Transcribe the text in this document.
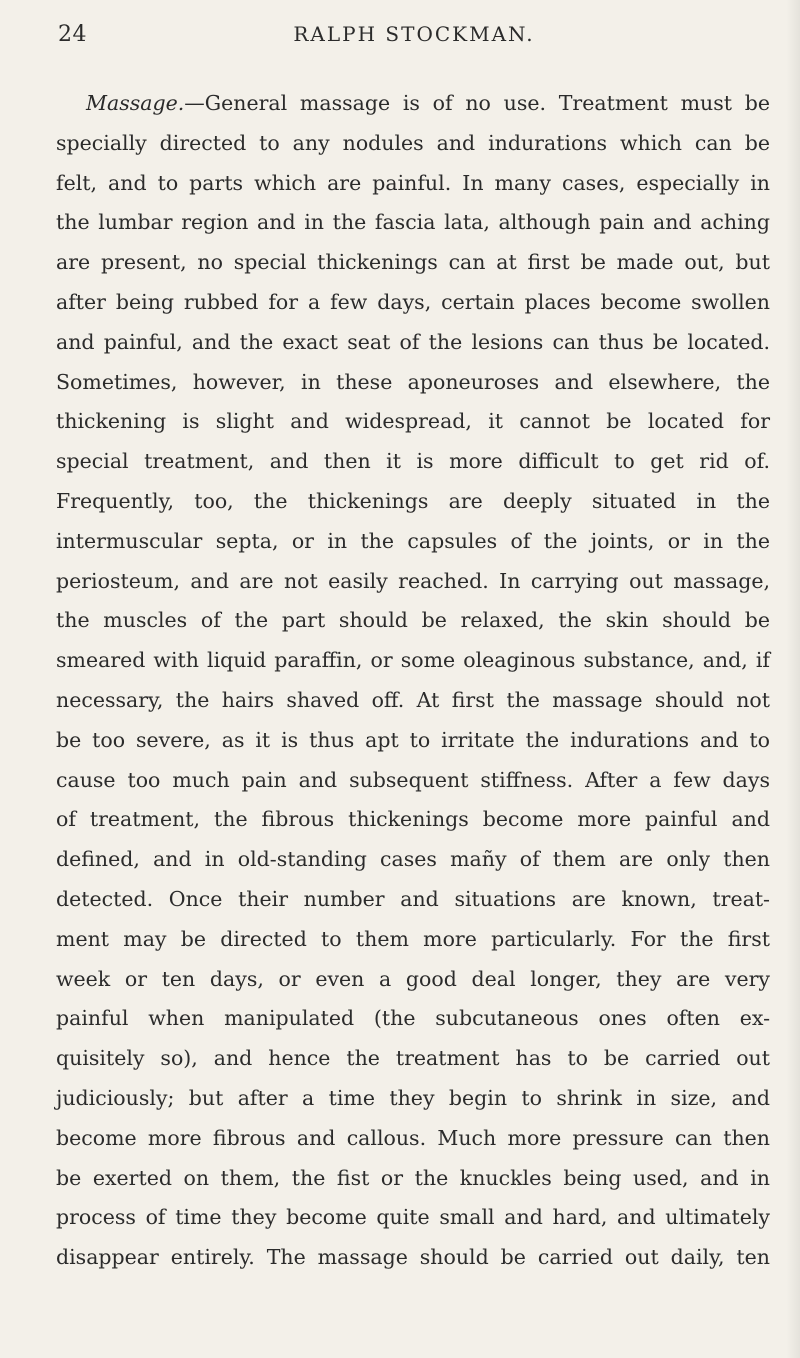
24	RALPH STOCKMAN.
Massage.—General massage is of no use. Treatment must be
specially directed to any nodules and indurations which can be
felt, and to parts which are painful. In many cases, especially in
the lumbar region and in the fascia lata, although pain and aching
are present, no special thickenings can at first be made out, but
after being rubbed for a few days, certain places become swollen
and painful, and the exact seat of the lesions can thus be located.
Sometimes, however, in these aponeuroses and elsewhere, the
thickening is slight and widespread, it cannot be located for
special treatment, and then it is more difficult to get rid of.
Frequently, too, the thickenings are deeply situated in the
intermuscular septa, or in the capsules of the joints, or in the
periosteum, and are not easily reached. In carrying out massage,
the muscles of the part should be relaxed, the skin should be
smeared with liquid paraffin, or some oleaginous substance, and, if
necessary, the hairs shaved off. At first the massage should not
be too severe, as it is thus apt to irritate the indurations and to
cause too much pain and subsequent stiffness. After a few days
of treatment, the fibrous thickenings become more painful and
defined, and in old-standing cases mañy of them are only then
detected. Once their number and situations are known, treat-
ment may be directed to them more particularly. For the first
week or ten days, or even a good deal longer, they are very
painful when manipulated (the subcutaneous ones often ex-
quisitely so), and hence the treatment has to be carried out
judiciously; but after a time they begin to shrink in size, and
become more fibrous and callous. Much more pressure can then
be exerted on them, the fist or the knuckles being used, and in
process of time they become quite small and hard, and ultimately
disappear entirely. The massage should be carried out daily, ten
